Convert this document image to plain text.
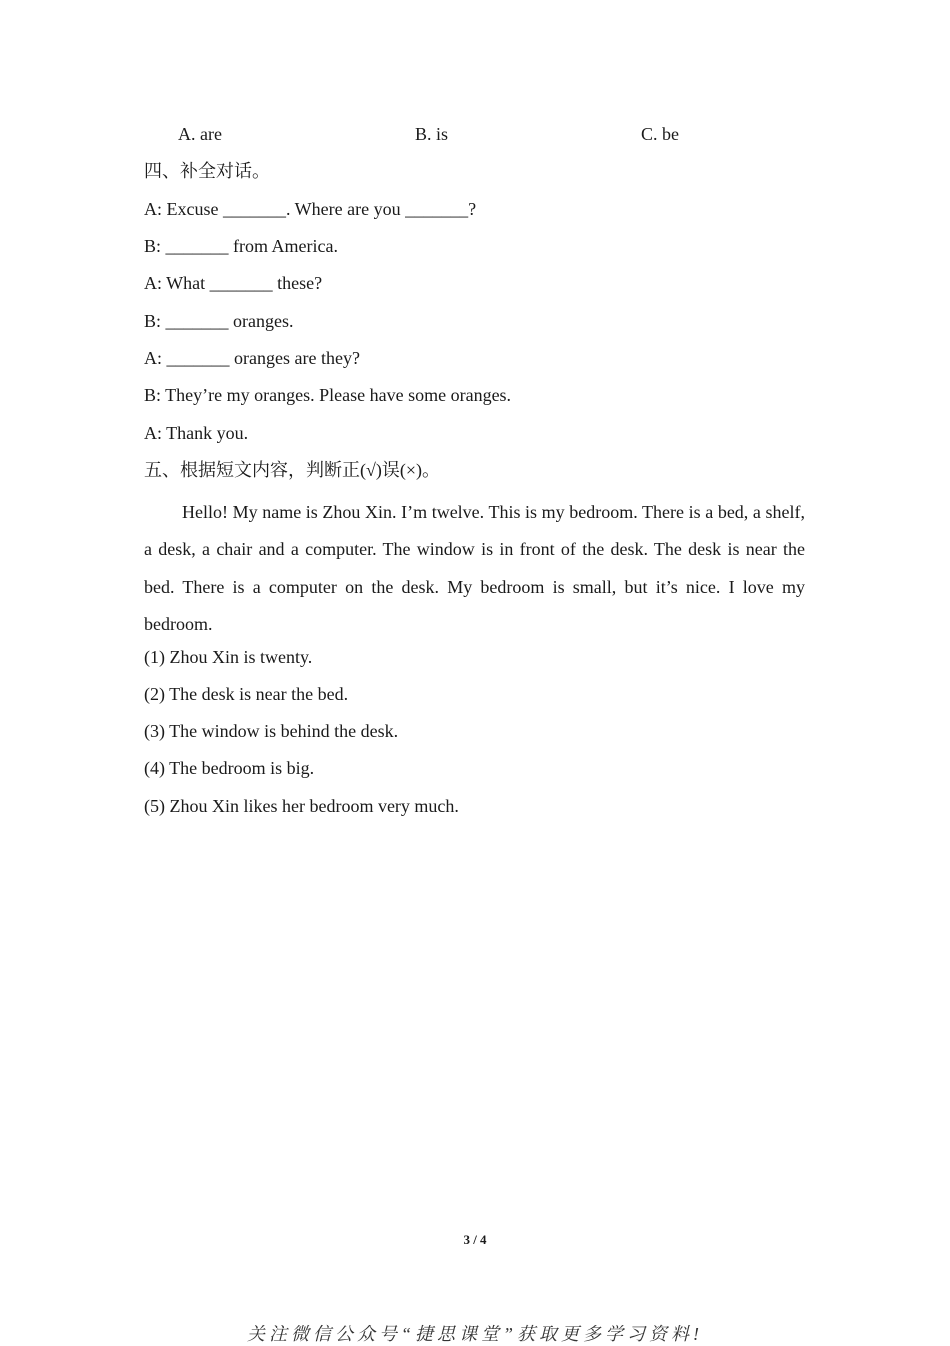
A. are	B. is	C. be
四、补全对话。
A: Excuse _______. Where are you _______?
B: _______ from America.
A: What _______ these?
B: _______ oranges.
A: _______ oranges are they?
B: They’re my oranges. Please have some oranges.
A: Thank you.
五、根据短文内容，判断正(√)误(×)。

Hello! My name is Zhou Xin. I’m twelve. This is my bedroom. There is a bed, a shelf, a desk, a chair and a computer. The window is in front of the desk. The desk is near the bed. There is a computer on the desk. My bedroom is small, but it’s nice. I love my bedroom.

(1) Zhou Xin is twenty.
(2) The desk is near the bed.
(3) The window is behind the desk.
(4) The bedroom is big.
(5) Zhou Xin likes her bedroom very much.
3 / 4
关注微信公众号“捷思课堂”获取更多学习资料!
